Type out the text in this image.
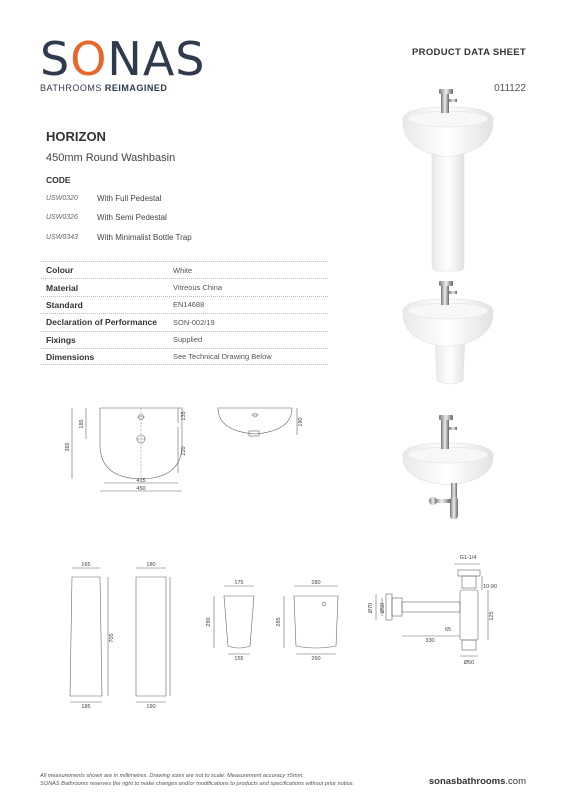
SONAS
BATHROOMS REIMAGINED
PRODUCT DATA SHEET
011122
HORIZON
450mm Round Washbasin
CODE
USW0320	With Full Pedestal
USW0326	With Semi Pedestal
USW0343	With Minimalist Bottle Trap
Colour	White
Material	Vitreous China
Standard	EN14688
Declaration of Performance	SON-002/19
Fixings	Supplied
Dimensions	See Technical Drawing Below
365
185
135
220
415
450
180
165	180
705
185	190
175
290
155
280
285
260
G1-1/4
10-90
125
Ø70 Ø50
65
330
Ø50
All measurements shown are in millimetres. Drawing sizes are not to scale. Measurement accuracy ±5mm.
SONAS Bathrooms reserves the right to make changes and/or modifications to products and specifications without prior notice.	sonasbathrooms.com
